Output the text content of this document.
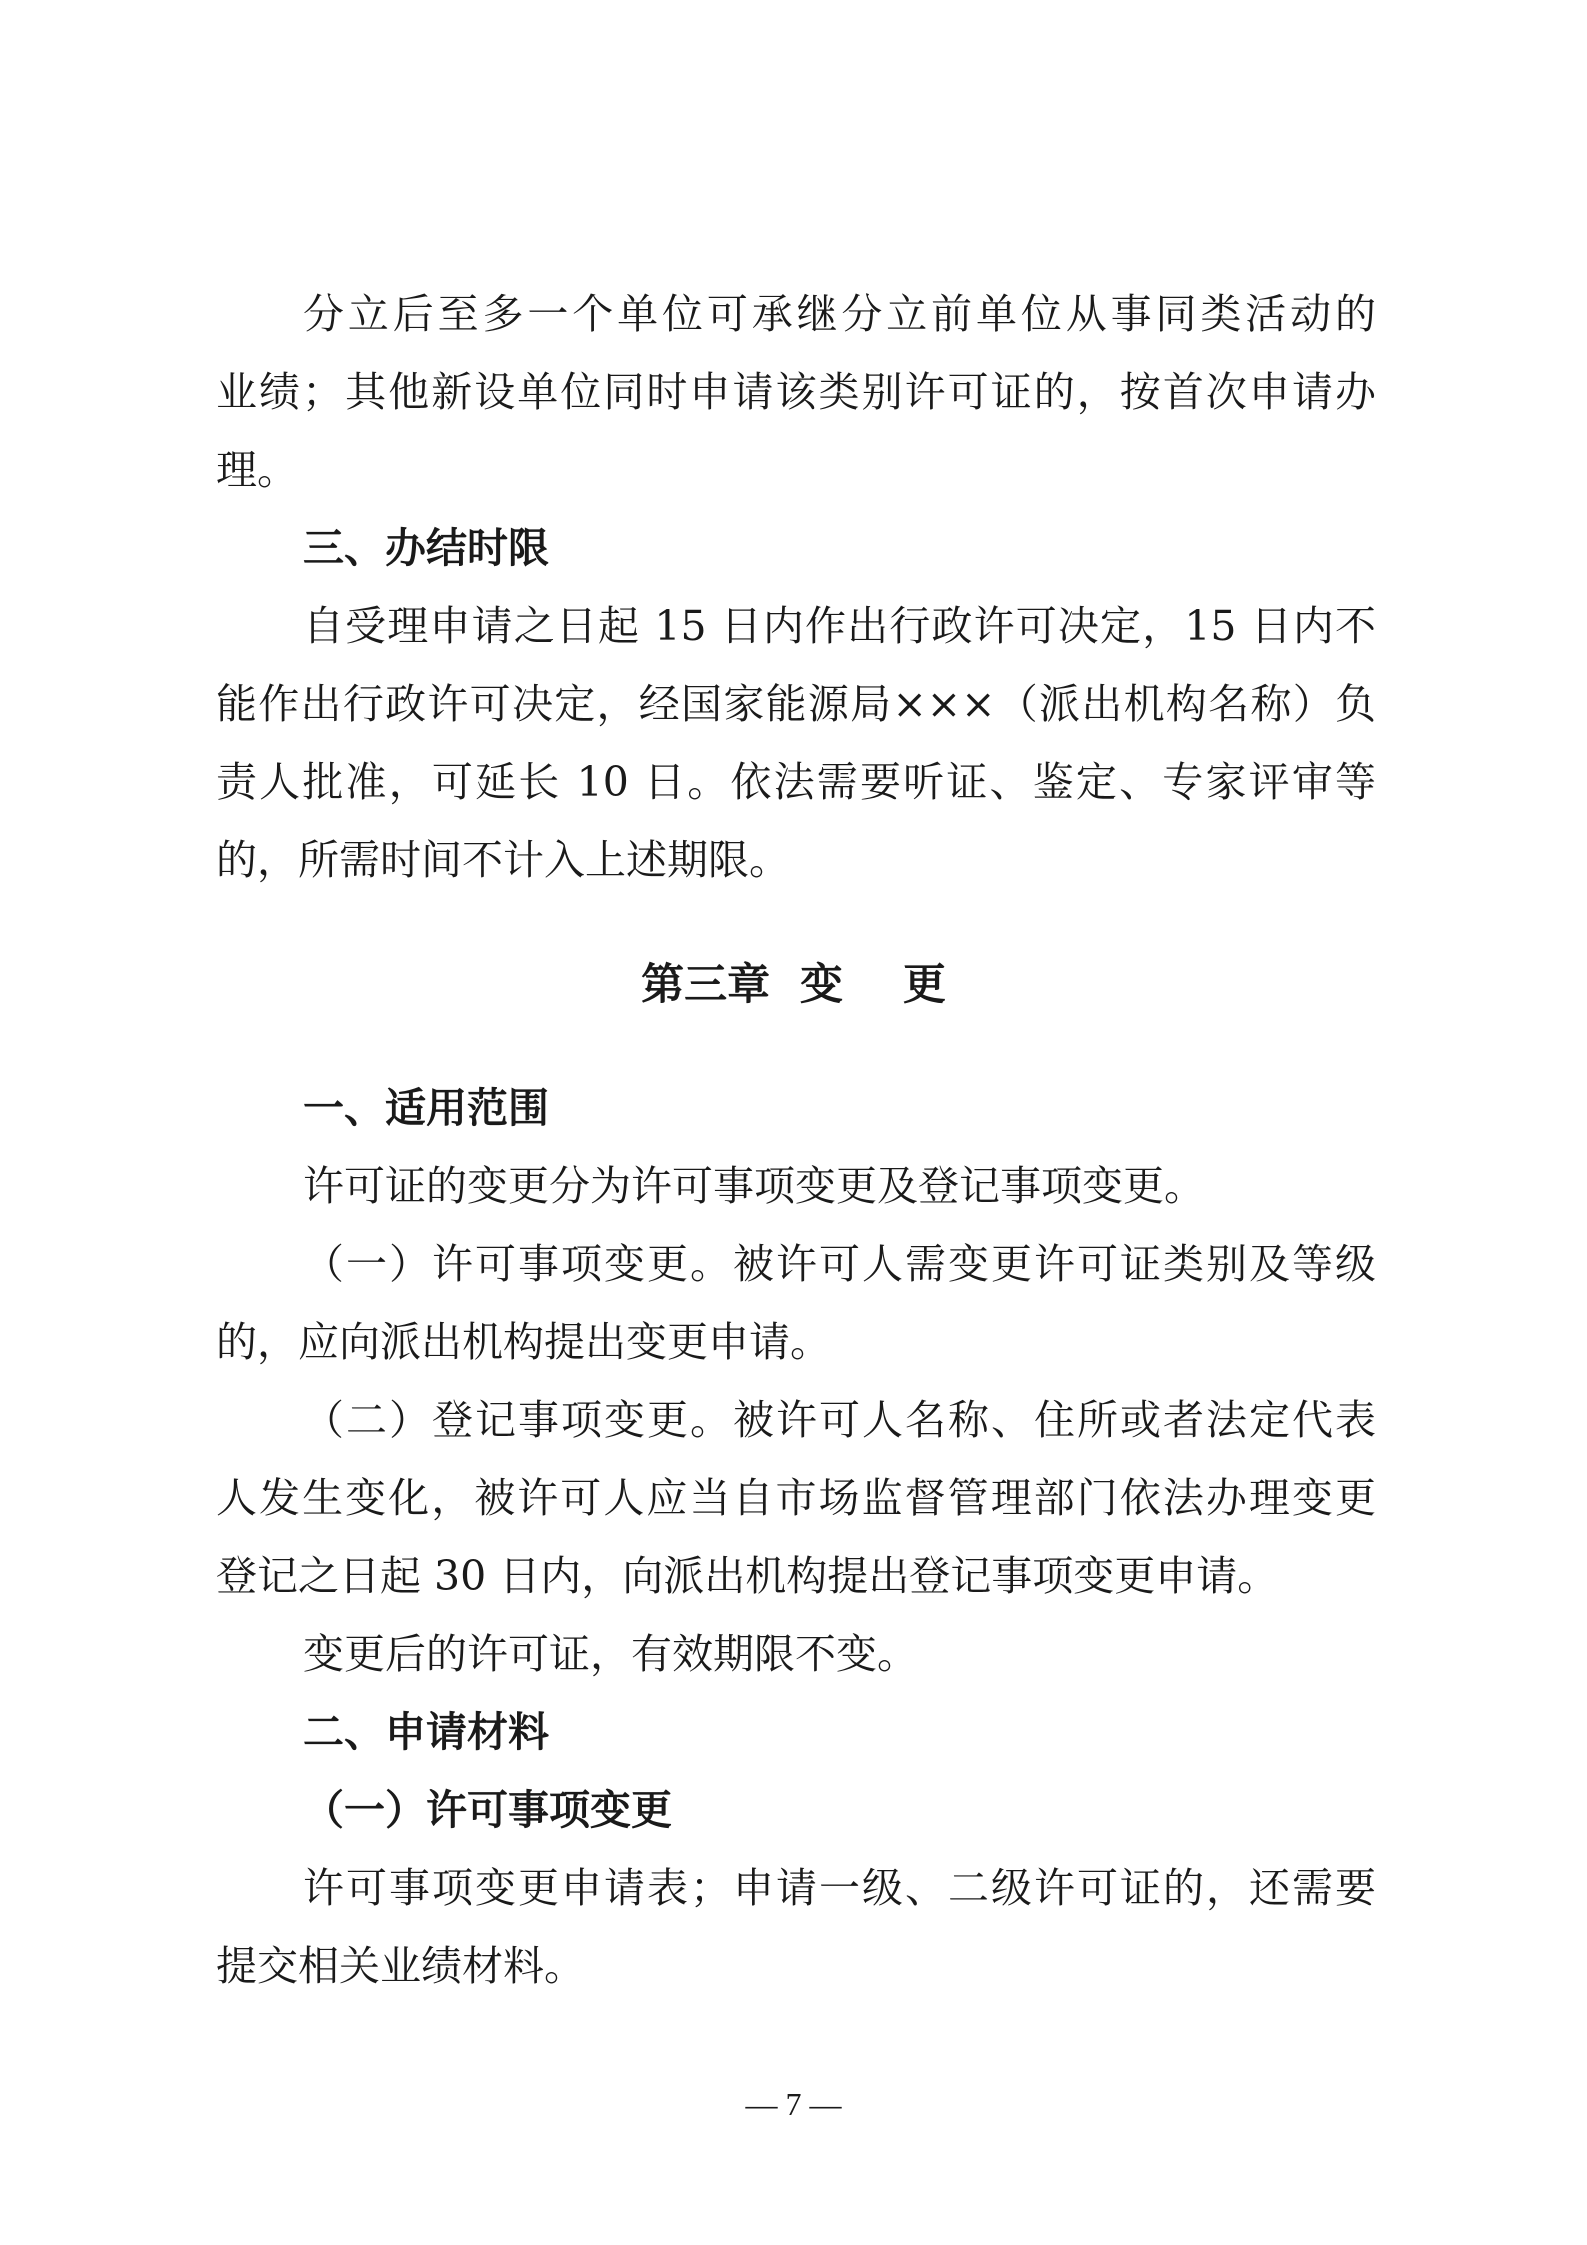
分立后至多一个单位可承继分立前单位从事同类活动的
业绩；其他新设单位同时申请该类别许可证的，按首次申请办
理。
三、办结时限
自受理申请之日起 15 日内作出行政许可决定，15 日内不
能作出行政许可决定，经国家能源局×××（派出机构名称）负
责人批准，可延长 10 日。依法需要听证、鉴定、专家评审等
的，所需时间不计入上述期限。
第三章  变    更
一、适用范围
许可证的变更分为许可事项变更及登记事项变更。
（一）许可事项变更。被许可人需变更许可证类别及等级
的，应向派出机构提出变更申请。
（二）登记事项变更。被许可人名称、住所或者法定代表
人发生变化，被许可人应当自市场监督管理部门依法办理变更
登记之日起 30 日内，向派出机构提出登记事项变更申请。
变更后的许可证，有效期限不变。
二、申请材料
（一）许可事项变更
许可事项变更申请表；申请一级、二级许可证的，还需要
提交相关业绩材料。
— 7 —
